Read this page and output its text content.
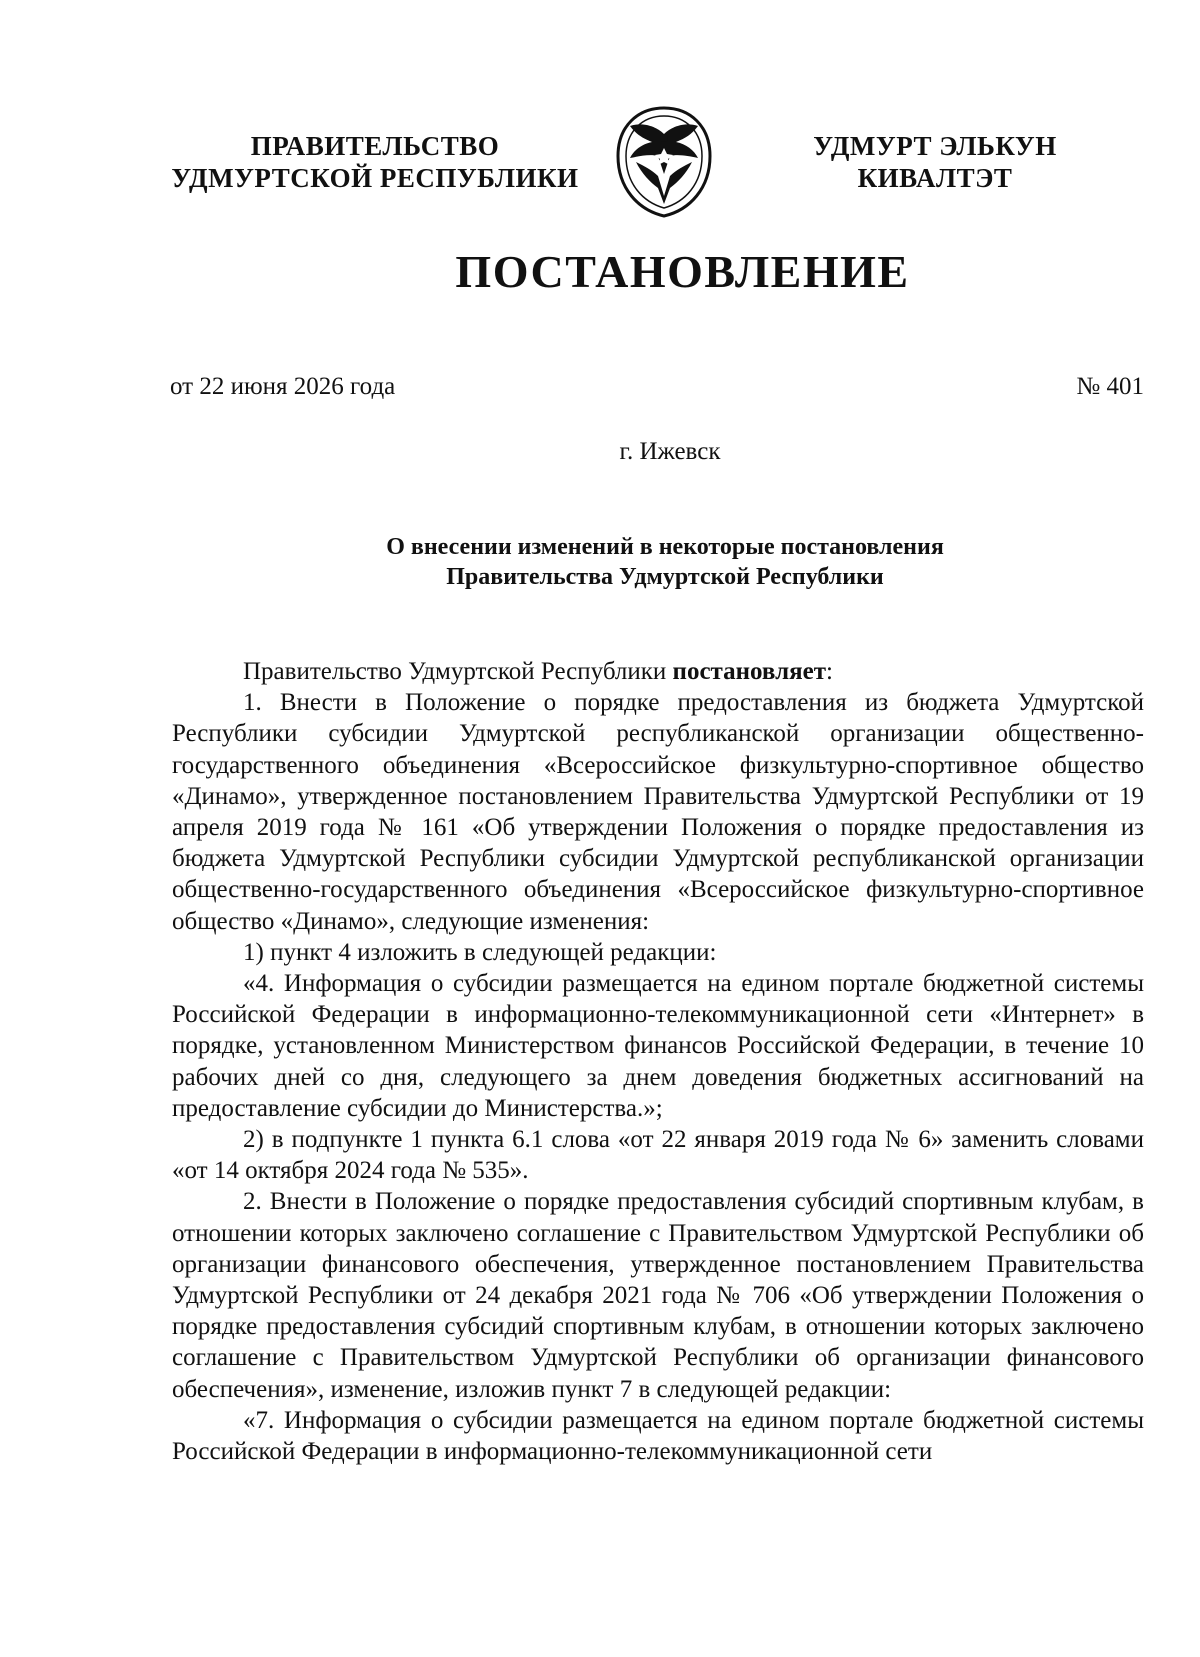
ПРАВИТЕЛЬСТВО
УДМУРТСКОЙ РЕСПУБЛИКИ
УДМУРТ ЭЛЬКУН
КИВАЛТЭТ
ПОСТАНОВЛЕНИЕ
от 22 июня 2026 года	№ 401
г. Ижевск
О внесении изменений в некоторые постановления
Правительства Удмуртской Республики

Правительство Удмуртской Республики постановляет:

1. Внести в Положение о порядке предоставления из бюджета Удмуртской Республики субсидии Удмуртской республиканской организации общественно-государственного объединения «Всероссийское физкультурно-спортивное общество «Динамо», утвержденное постановлением Правительства Удмуртской Республики от 19 апреля 2019 года № 161 «Об утверждении Положения о порядке предоставления из бюджета Удмуртской Республики субсидии Удмуртской республиканской организации общественно-государственного объединения «Всероссийское физкультурно-спортивное общество «Динамо», следующие изменения:

1) пункт 4 изложить в следующей редакции:

«4. Информация о субсидии размещается на едином портале бюджетной системы Российской Федерации в информационно-телекоммуникационной сети «Интернет» в порядке, установленном Министерством финансов Российской Федерации, в течение 10 рабочих дней со дня, следующего за днем доведения бюджетных ассигнований на предоставление субсидии до Министерства.»;

2) в подпункте 1 пункта 6.1 слова «от 22 января 2019 года № 6» заменить словами «от 14 октября 2024 года № 535».

2. Внести в Положение о порядке предоставления субсидий спортивным клубам, в отношении которых заключено соглашение с Правительством Удмуртской Республики об организации финансового обеспечения, утвержденное постановлением Правительства Удмуртской Республики от 24 декабря 2021 года № 706 «Об утверждении Положения о порядке предоставления субсидий спортивным клубам, в отношении которых заключено соглашение с Правительством Удмуртской Республики об организации финансового обеспечения», изменение, изложив пункт 7 в следующей редакции:

«7. Информация о субсидии размещается на едином портале бюджетной системы Российской Федерации в информационно-телекоммуникационной сети
